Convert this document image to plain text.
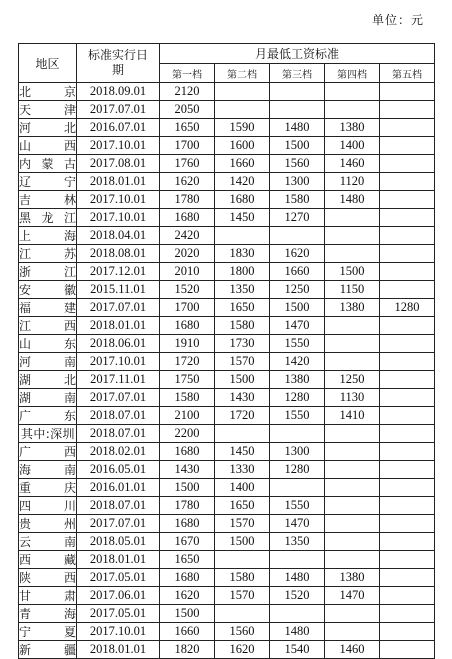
单位：元
地区	标准实行日期	月最低工资标准				
		第一档	第二档	第三档	第四档	第五档
北京	2018.09.01	2120				
天津	2017.07.01	2050				
河北	2016.07.01	1650	1590	1480	1380	
山西	2017.10.01	1700	1600	1500	1400	
内蒙古	2017.08.01	1760	1660	1560	1460	
辽宁	2018.01.01	1620	1420	1300	1120	
吉林	2017.10.01	1780	1680	1580	1480	
黑龙江	2017.10.01	1680	1450	1270		
上海	2018.04.01	2420				
江苏	2018.08.01	2020	1830	1620		
浙江	2017.12.01	2010	1800	1660	1500	
安徽	2015.11.01	1520	1350	1250	1150	
福建	2017.07.01	1700	1650	1500	1380	1280
江西	2018.01.01	1680	1580	1470		
山东	2018.06.01	1910	1730	1550		
河南	2017.10.01	1720	1570	1420		
湖北	2017.11.01	1750	1500	1380	1250	
湖南	2017.07.01	1580	1430	1280	1130	
广东	2018.07.01	2100	1720	1550	1410	
其中:深圳	2018.07.01	2200				
广西	2018.02.01	1680	1450	1300		
海南	2016.05.01	1430	1330	1280		
重庆	2016.01.01	1500	1400			
四川	2018.07.01	1780	1650	1550		
贵州	2017.07.01	1680	1570	1470		
云南	2018.05.01	1670	1500	1350		
西藏	2018.01.01	1650				
陕西	2017.05.01	1680	1580	1480	1380	
甘肃	2017.06.01	1620	1570	1520	1470	
青海	2017.05.01	1500				
宁夏	2017.10.01	1660	1560	1480		
新疆	2018.01.01	1820	1620	1540	1460	
